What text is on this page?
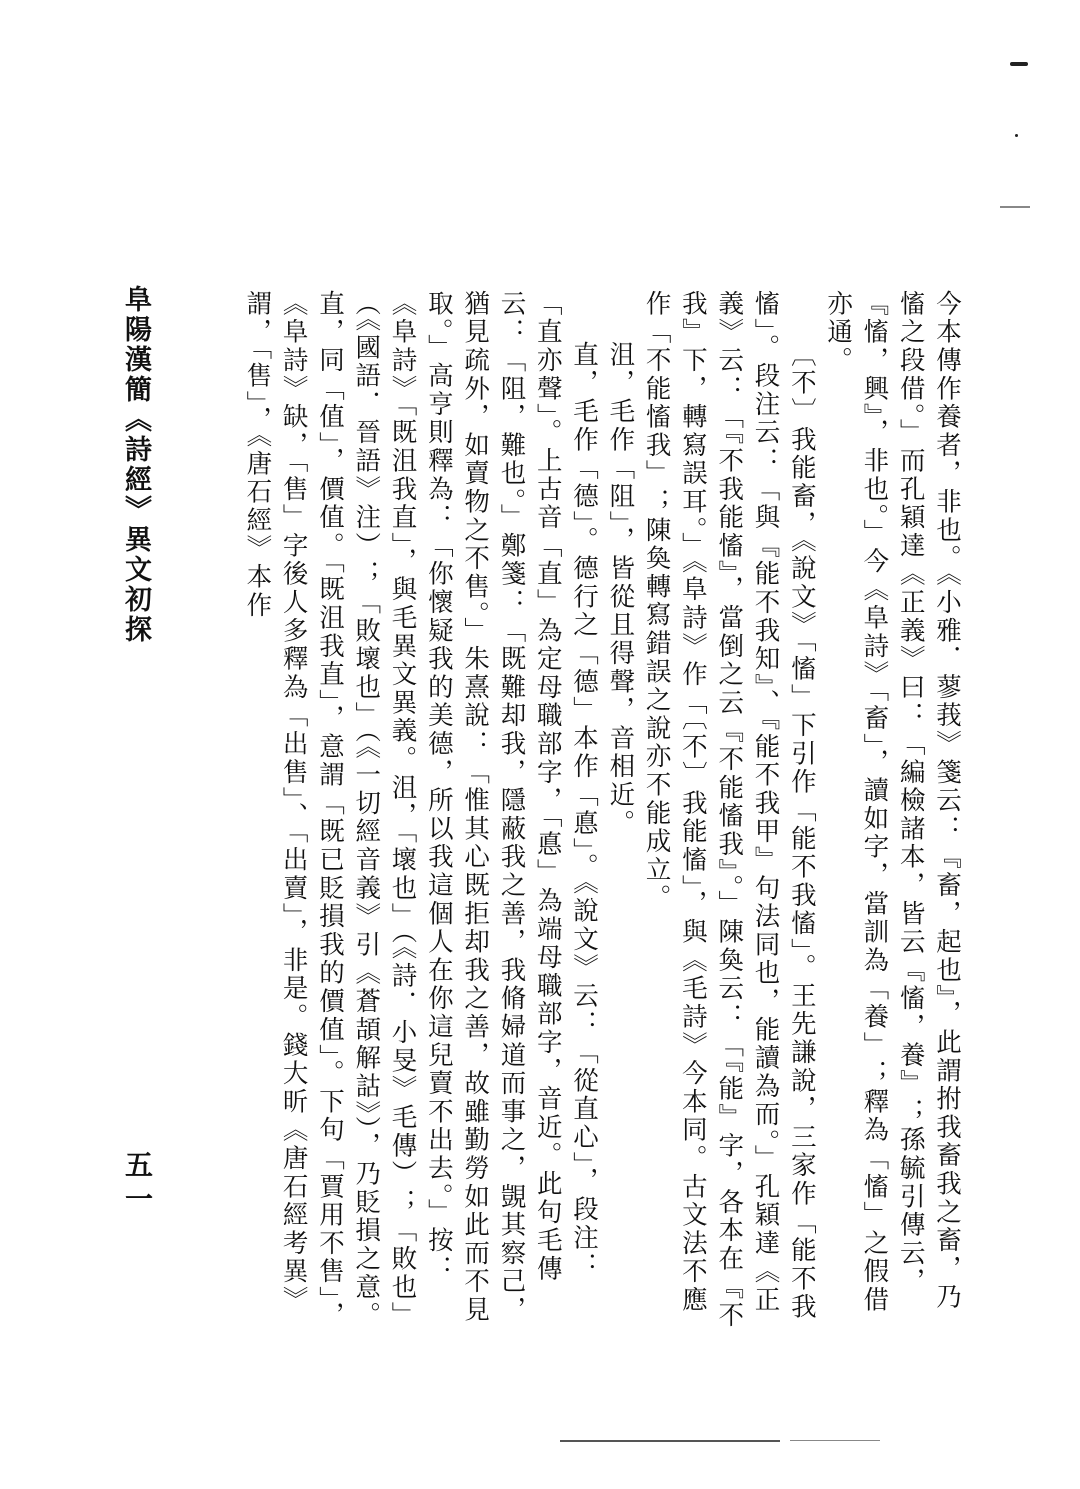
阜陽漢簡《詩經》異文初探
五一	今本傳作養者，非也。《小雅．蓼莪》箋云：『畜，起也』，此謂拊我畜我之畜，乃慉之段借。」而孔穎達《正義》曰：「編檢諸本，皆云『慉，養』；孫毓引傳云，『慉，興』，非也。」今《阜詩》「畜」，讀如字，當訓為「養」；釋為「慉」之假借亦通。

〔不〕我能畜，《說文》「慉」下引作「能不我慉」。王先謙說，三家作「能不我慉」。段注云：「與『能不我知』、『能不我甲』句法同也，能讀為而。」孔穎達《正義》云：「『不我能慉』，當倒之云『不能慉我』。」陳奐云：「『能』字，各本在『不我』下，轉寫誤耳。」《阜詩》作「〔不〕我能慉」，與《毛詩》今本同。古文法不應作「不能慉我」；陳奐轉寫錯誤之說亦不能成立。

沮，毛作「阻」，皆從且得聲，音相近。

直，毛作「德」。德行之「德」本作「悳」。《說文》云：「從直心」，段注：「直亦聲」。上古音「直」為定母職部字，「悳」為端母職部字，音近。此句毛傳云：「阻，難也。」鄭箋：「既難却我，隱蔽我之善，我脩婦道而事之，覬其察己，猶見疏外，如賣物之不售。」朱熹說：「惟其心既拒却我之善，故雖勤勞如此而不見取。」高亨則釋為：「你懷疑我的美德，所以我這個人在你這兒賣不出去。」按：《阜詩》「既沮我直」，與毛異文異義。沮，「壞也」（《詩．小旻》毛傳）；「敗也」（《國語．晉語》注）；「敗壞也」（《一切經音義》引《蒼頡解詁》），乃貶損之意。直，同「值」，價值。「既沮我直」，意謂「既已貶損我的價值」。下句「賈用不售」，《阜詩》缺，「售」字後人多釋為「出售」、「出賣」，非是。錢大昕《唐石經考異》謂，「售」，《唐石經》本作
